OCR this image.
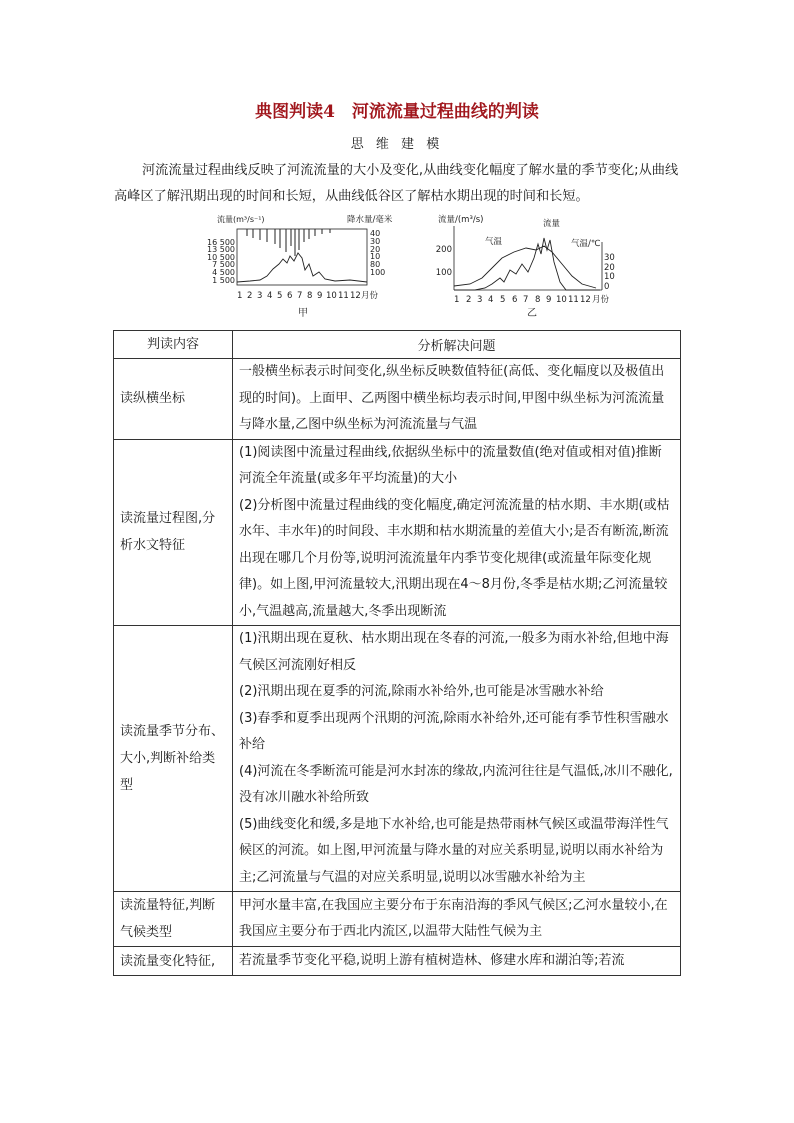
典图判读4　河流流量过程曲线的判读
思 维 建 模
河流流量过程曲线反映了河流流量的大小及变化,从曲线变化幅度了解水量的季节变化;从曲线高峰区了解汛期出现的时间和长短，从曲线低谷区了解枯水期出现的时间和长短。
流量(m³/s⁻¹)	降水量/毫米
16 500
13 500
10 500
7 500
4 500
1 500
40
30
20
10
80
100
1 2 3 4 5 6 7 8 9 10 11 12 月份
甲
流量/(m³/s)
200
100
30
20
10
0
气温/℃
气温
流量
1 2 3 4 5 6 7 8 9 10 11 12 月份
乙
判读内容	分析解决问题
读纵横坐标	一般横坐标表示时间变化,纵坐标反映数值特征(高低、变化幅度以及极值出现的时间)。上面甲、乙两图中横坐标均表示时间,甲图中纵坐标为河流流量与降水量,乙图中纵坐标为河流流量与气温

读流量过程图,分析水文特征	(1)阅读图中流量过程曲线,依据纵坐标中的流量数值(绝对值或相对值)推断河流全年流量(或多年平均流量)的大小

(2)分析图中流量过程曲线的变化幅度,确定河流流量的枯水期、丰水期(或枯水年、丰水年)的时间段、丰水期和枯水期流量的差值大小;是否有断流,断流出现在哪几个月份等,说明河流流量年内季节变化规律(或流量年际变化规律)。如上图,甲河流量较大,汛期出现在4～8月份,冬季是枯水期;乙河流量较小,气温越高,流量越大,冬季出现断流

读流量季节分布、大小,判断补给类型	(1)汛期出现在夏秋、枯水期出现在冬春的河流,一般多为雨水补给,但地中海气候区河流刚好相反

(2)汛期出现在夏季的河流,除雨水补给外,也可能是冰雪融水补给

(3)春季和夏季出现两个汛期的河流,除雨水补给外,还可能有季节性积雪融水补给

(4)河流在冬季断流可能是河水封冻的缘故,内流河往往是气温低,冰川不融化,没有冰川融水补给所致

(5)曲线变化和缓,多是地下水补给,也可能是热带雨林气候区或温带海洋性气候区的河流。如上图,甲河流量与降水量的对应关系明显,说明以雨水补给为主;乙河流量与气温的对应关系明显,说明以冰雪融水补给为主

读流量特征,判断气候类型	甲河水量丰富,在我国应主要分布于东南沿海的季风气候区;乙河水量较小,在我国应主要分布于西北内流区,以温带大陆性气候为主

读流量变化特征,	若流量季节变化平稳,说明上游有植树造林、修建水库和湖泊等;若流
